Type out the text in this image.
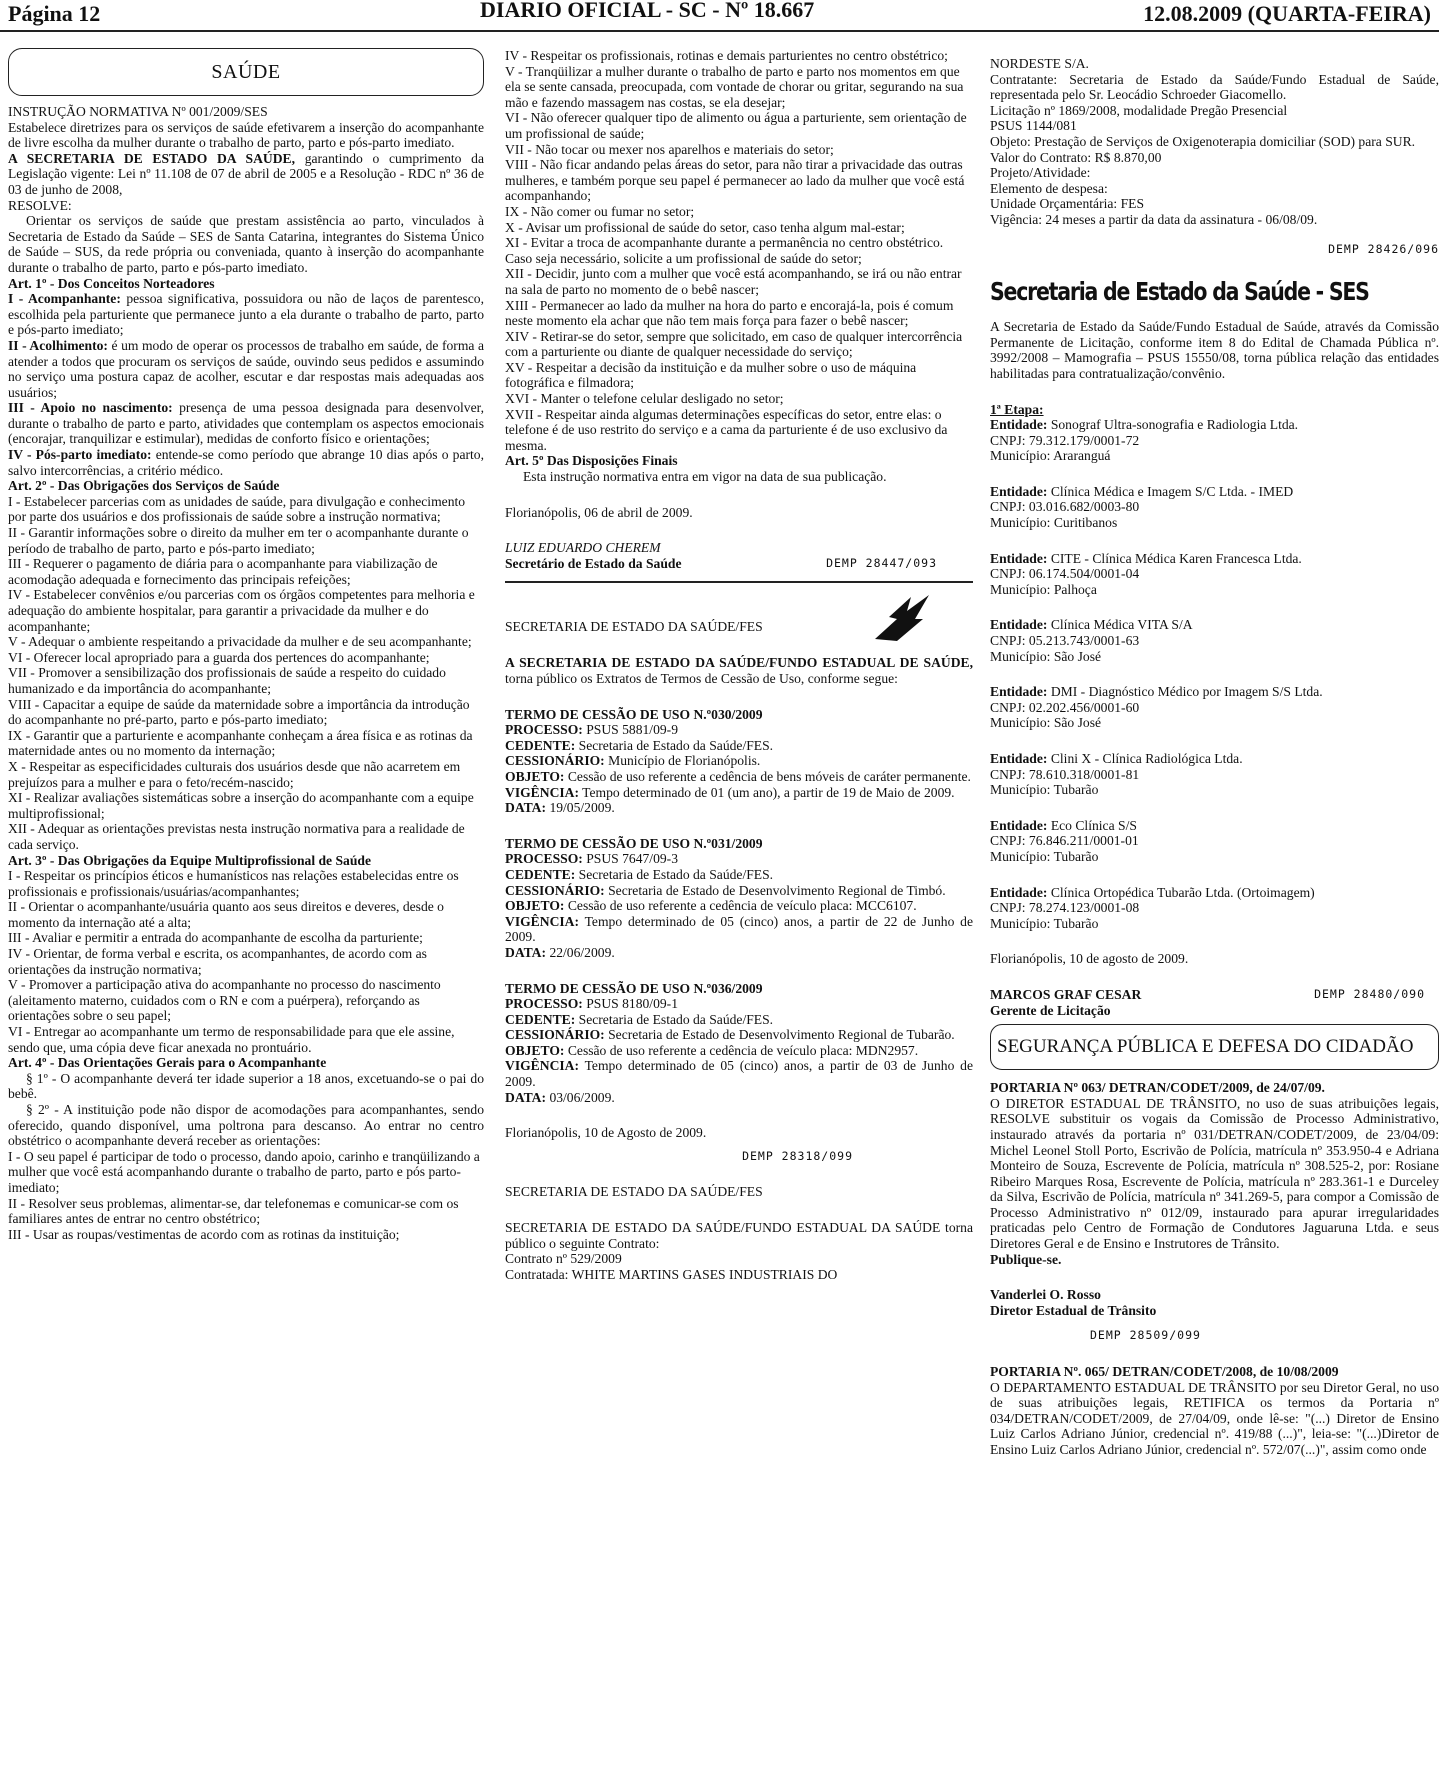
Página 12	DIARIO OFICIAL - SC - Nº 18.667	12.08.2009 (QUARTA-FEIRA)
SAÚDE
INSTRUÇÃO NORMATIVA Nº 001/2009/SES

Estabelece diretrizes para os serviços de saúde efetivarem a inserção do acompanhante de livre escolha da mulher durante o trabalho de parto, parto e pós-parto imediato.

A SECRETARIA DE ESTADO DA SAÚDE, garantindo o cumprimento da Legislação vigente: Lei nº 11.108 de 07 de abril de 2005 e a Resolução - RDC nº 36 de 03 de junho de 2008,

RESOLVE:

Orientar os serviços de saúde que prestam assistência ao parto, vinculados à Secretaria de Estado da Saúde – SES de Santa Catarina, integrantes do Sistema Único de Saúde – SUS, da rede própria ou conveniada, quanto à inserção do acompanhante durante o trabalho de parto, parto e pós-parto imediato.

Art. 1º - Dos Conceitos Norteadores

I - Acompanhante: pessoa significativa, possuidora ou não de laços de parentesco, escolhida pela parturiente que permanece junto a ela durante o trabalho de parto, parto e pós-parto imediato;

II - Acolhimento: é um modo de operar os processos de trabalho em saúde, de forma a atender a todos que procuram os serviços de saúde, ouvindo seus pedidos e assumindo no serviço uma postura capaz de acolher, escutar e dar respostas mais adequadas aos usuários;

III - Apoio no nascimento: presença de uma pessoa designada para desenvolver, durante o trabalho de parto e parto, atividades que contemplam os aspectos emocionais (encorajar, tranquilizar e estimular), medidas de conforto físico e orientações;

IV - Pós-parto imediato: entende-se como período que abrange 10 dias após o parto, salvo intercorrências, a critério médico.

Art. 2º - Das Obrigações dos Serviços de Saúde
I - Estabelecer parcerias com as unidades de saúde, para divulgação e conhecimento por parte dos usuários e dos profissionais de saúde sobre a instrução normativa;
II - Garantir informações sobre o direito da mulher em ter o acompanhante durante o período de trabalho de parto, parto e pós-parto imediato;
III - Requerer o pagamento de diária para o acompanhante para viabilização de acomodação adequada e fornecimento das principais refeições;
IV - Estabelecer convênios e/ou parcerias com os órgãos competentes para melhoria e adequação do ambiente hospitalar, para garantir a privacidade da mulher e do acompanhante;
V - Adequar o ambiente respeitando a privacidade da mulher e de seu acompanhante;
VI - Oferecer local apropriado para a guarda dos pertences do acompanhante;
VII - Promover a sensibilização dos profissionais de saúde a respeito do cuidado humanizado e da importância do acompanhante;
VIII - Capacitar a equipe de saúde da maternidade sobre a importância da introdução do acompanhante no pré-parto, parto e pós-parto imediato;
IX - Garantir que a parturiente e acompanhante conheçam a área física e as rotinas da maternidade antes ou no momento da internação;
X - Respeitar as especificidades culturais dos usuários desde que não acarretem em prejuízos para a mulher e para o feto/recém-nascido;
XI - Realizar avaliações sistemáticas sobre a inserção do acompanhante com a equipe multiprofissional;
XII - Adequar as orientações previstas nesta instrução normativa para a realidade de cada serviço.
Art. 3º - Das Obrigações da Equipe Multiprofissional de Saúde
I - Respeitar os princípios éticos e humanísticos nas relações estabelecidas entre os profissionais e profissionais/usuárias/acompanhantes;
II - Orientar o acompanhante/usuária quanto aos seus direitos e deveres, desde o momento da internação até a alta;
III - Avaliar e permitir a entrada do acompanhante de escolha da parturiente;
IV - Orientar, de forma verbal e escrita, os acompanhantes, de acordo com as orientações da instrução normativa;
V - Promover a participação ativa do acompanhante no processo do nascimento (aleitamento materno, cuidados com o RN e com a puérpera), reforçando as orientações sobre o seu papel;
VI - Entregar ao acompanhante um termo de responsabilidade para que ele assine, sendo que, uma cópia deve ficar anexada no prontuário.
Art. 4º - Das Orientações Gerais para o Acompanhante

§ 1º - O acompanhante deverá ter idade superior a 18 anos, excetuando-se o pai do bebê.

§ 2º - A instituição pode não dispor de acomodações para acompanhantes, sendo oferecido, quando disponível, uma poltrona para descanso. Ao entrar no centro obstétrico o acompanhante deverá receber as orientações:

I - O seu papel é participar de todo o processo, dando apoio, carinho e tranqüilizando a mulher que você está acompanhando durante o trabalho de parto, parto e pós parto-imediato;
II - Resolver seus problemas, alimentar-se, dar telefonemas e comunicar-se com os familiares antes de entrar no centro obstétrico;
III - Usar as roupas/vestimentas de acordo com as rotinas da instituição;
IV - Respeitar os profissionais, rotinas e demais parturientes no centro obstétrico;
V - Tranqüilizar a mulher durante o trabalho de parto e parto nos momentos em que ela se sente cansada, preocupada, com vontade de chorar ou gritar, segurando na sua mão e fazendo massagem nas costas, se ela desejar;
VI - Não oferecer qualquer tipo de alimento ou água a parturiente, sem orientação de um profissional de saúde;
VII - Não tocar ou mexer nos aparelhos e materiais do setor;
VIII - Não ficar andando pelas áreas do setor, para não tirar a privacidade das outras mulheres, e também porque seu papel é permanecer ao lado da mulher que você está acompanhando;
IX - Não comer ou fumar no setor;
X - Avisar um profissional de saúde do setor, caso tenha algum mal-estar;
XI - Evitar a troca de acompanhante durante a permanência no centro obstétrico. Caso seja necessário, solicite a um profissional de saúde do setor;
XII - Decidir, junto com a mulher que você está acompanhando, se irá ou não entrar na sala de parto no momento de o bebê nascer;
XIII - Permanecer ao lado da mulher na hora do parto e encorajá-la, pois é comum neste momento ela achar que não tem mais força para fazer o bebê nascer;
XIV - Retirar-se do setor, sempre que solicitado, em caso de qualquer intercorrência com a parturiente ou diante de qualquer necessidade do serviço;
XV - Respeitar a decisão da instituição e da mulher sobre o uso de máquina fotográfica e filmadora;
XVI - Manter o telefone celular desligado no setor;
XVII - Respeitar ainda algumas determinações específicas do setor, entre elas: o telefone é de uso restrito do serviço e a cama da parturiente é de uso exclusivo da mesma.
Art. 5º Das Disposições Finais

Esta instrução normativa entra em vigor na data de sua publicação.

Florianópolis, 06 de abril de 2009.
LUIZ EDUARDO CHEREM
Secretário de Estado da Saúde	DEMP 28447/093
SECRETARIA DE ESTADO DA SAÚDE/FES

A SECRETARIA DE ESTADO DA SAÚDE/FUNDO ESTADUAL DE SAÚDE, torna público os Extratos de Termos de Cessão de Uso, conforme segue:

TERMO DE CESSÃO DE USO N.º030/2009
PROCESSO: PSUS 5881/09-9
CEDENTE: Secretaria de Estado da Saúde/FES.
CESSIONÁRIO: Município de Florianópolis.

OBJETO: Cessão de uso referente a cedência de bens móveis de caráter permanente.

VIGÊNCIA: Tempo determinado de 01 (um ano), a partir de 19 de Maio de 2009.

DATA: 19/05/2009.
TERMO DE CESSÃO DE USO N.º031/2009
PROCESSO: PSUS 7647/09-3
CEDENTE: Secretaria de Estado da Saúde/FES.

CESSIONÁRIO: Secretaria de Estado de Desenvolvimento Regional de Timbó.

OBJETO: Cessão de uso referente a cedência de veículo placa: MCC6107.

VIGÊNCIA: Tempo determinado de 05 (cinco) anos, a partir de 22 de Junho de 2009.

DATA: 22/06/2009.
TERMO DE CESSÃO DE USO N.º036/2009
PROCESSO: PSUS 8180/09-1
CEDENTE: Secretaria de Estado da Saúde/FES.

CESSIONÁRIO: Secretaria de Estado de Desenvolvimento Regional de Tubarão.

OBJETO: Cessão de uso referente a cedência de veículo placa: MDN2957.

VIGÊNCIA: Tempo determinado de 05 (cinco) anos, a partir de 03 de Junho de 2009.

DATA: 03/06/2009.
Florianópolis, 10 de Agosto de 2009.
DEMP 28318/099
SECRETARIA DE ESTADO DA SAÚDE/FES

SECRETARIA DE ESTADO DA SAÚDE/FUNDO ESTADUAL DA SAÚDE torna público o seguinte Contrato:

Contrato nº 529/2009
Contratada: WHITE MARTINS GASES INDUSTRIAIS DO
NORDESTE S/A.

Contratante: Secretaria de Estado da Saúde/Fundo Estadual de Saúde, representada pelo Sr. Leocádio Schroeder Giacomello.

Licitação nº 1869/2008, modalidade Pregão Presencial
PSUS 1144/081

Objeto: Prestação de Serviços de Oxigenoterapia domiciliar (SOD) para SUR.

Valor do Contrato: R$ 8.870,00
Projeto/Atividade:
Elemento de despesa:
Unidade Orçamentária: FES
Vigência: 24 meses a partir da data da assinatura - 06/08/09.
DEMP 28426/096
Secretaria de Estado da Saúde - SES

A Secretaria de Estado da Saúde/Fundo Estadual de Saúde, através da Comissão Permanente de Licitação, conforme item 8 do Edital de Chamada Pública nº. 3992/2008 – Mamografia – PSUS 15550/08, torna pública relação das entidades habilitadas para contratualização/convênio.

1ª Etapa:
Entidade: Sonograf Ultra-sonografia e Radiologia Ltda.
CNPJ: 79.312.179/0001-72
Município: Araranguá
Entidade: Clínica Médica e Imagem S/C Ltda. - IMED
CNPJ: 03.016.682/0003-80
Município: Curitibanos
Entidade: CITE - Clínica Médica Karen Francesca Ltda.
CNPJ: 06.174.504/0001-04
Município: Palhoça
Entidade: Clínica Médica VITA S/A
CNPJ: 05.213.743/0001-63
Município: São José
Entidade: DMI - Diagnóstico Médico por Imagem S/S Ltda.
CNPJ: 02.202.456/0001-60
Município: São José
Entidade: Clini X - Clínica Radiológica Ltda.
CNPJ: 78.610.318/0001-81
Município: Tubarão
Entidade: Eco Clínica S/S
CNPJ: 76.846.211/0001-01
Município: Tubarão
Entidade: Clínica Ortopédica Tubarão Ltda. (Ortoimagem)
CNPJ: 78.274.123/0001-08
Município: Tubarão
Florianópolis, 10 de agosto de 2009.
MARCOS GRAF CESAR	DEMP 28480/090
Gerente de Licitação
SEGURANÇA PÚBLICA E DEFESA DO CIDADÃO
PORTARIA Nº 063/ DETRAN/CODET/2009, de 24/07/09.

O DIRETOR ESTADUAL DE TRÂNSITO, no uso de suas atribuições legais, RESOLVE substituir os vogais da Comissão de Processo Administrativo, instaurado através da portaria nº 031/DETRAN/CODET/2009, de 23/04/09: Michel Leonel Stoll Porto, Escrivão de Polícia, matrícula nº 353.950-4 e Adriana Monteiro de Souza, Escrevente de Polícia, matrícula nº 308.525-2, por: Rosiane Ribeiro Marques Rosa, Escrevente de Polícia, matrícula nº 283.361-1 e Durceley da Silva, Escrivão de Polícia, matrícula nº 341.269-5, para compor a Comissão de Processo Administrativo nº 012/09, instaurado para apurar irregularidades praticadas pelo Centro de Formação de Condutores Jaguaruna Ltda. e seus Diretores Geral e de Ensino e Instrutores de Trânsito.

Publique-se.
Vanderlei O. Rosso
Diretor Estadual de Trânsito
DEMP 28509/099
PORTARIA Nº. 065/ DETRAN/CODET/2008, de 10/08/2009

O DEPARTAMENTO ESTADUAL DE TRÂNSITO por seu Diretor Geral, no uso de suas atribuições legais, RETIFICA os termos da Portaria nº 034/DETRAN/CODET/2009, de 27/04/09, onde lê-se: "(...) Diretor de Ensino Luiz Carlos Adriano Júnior, credencial nº. 419/88 (...)", leia-se: "(...)Diretor de Ensino Luiz Carlos Adriano Júnior, credencial nº. 572/07(...)", assim como onde
